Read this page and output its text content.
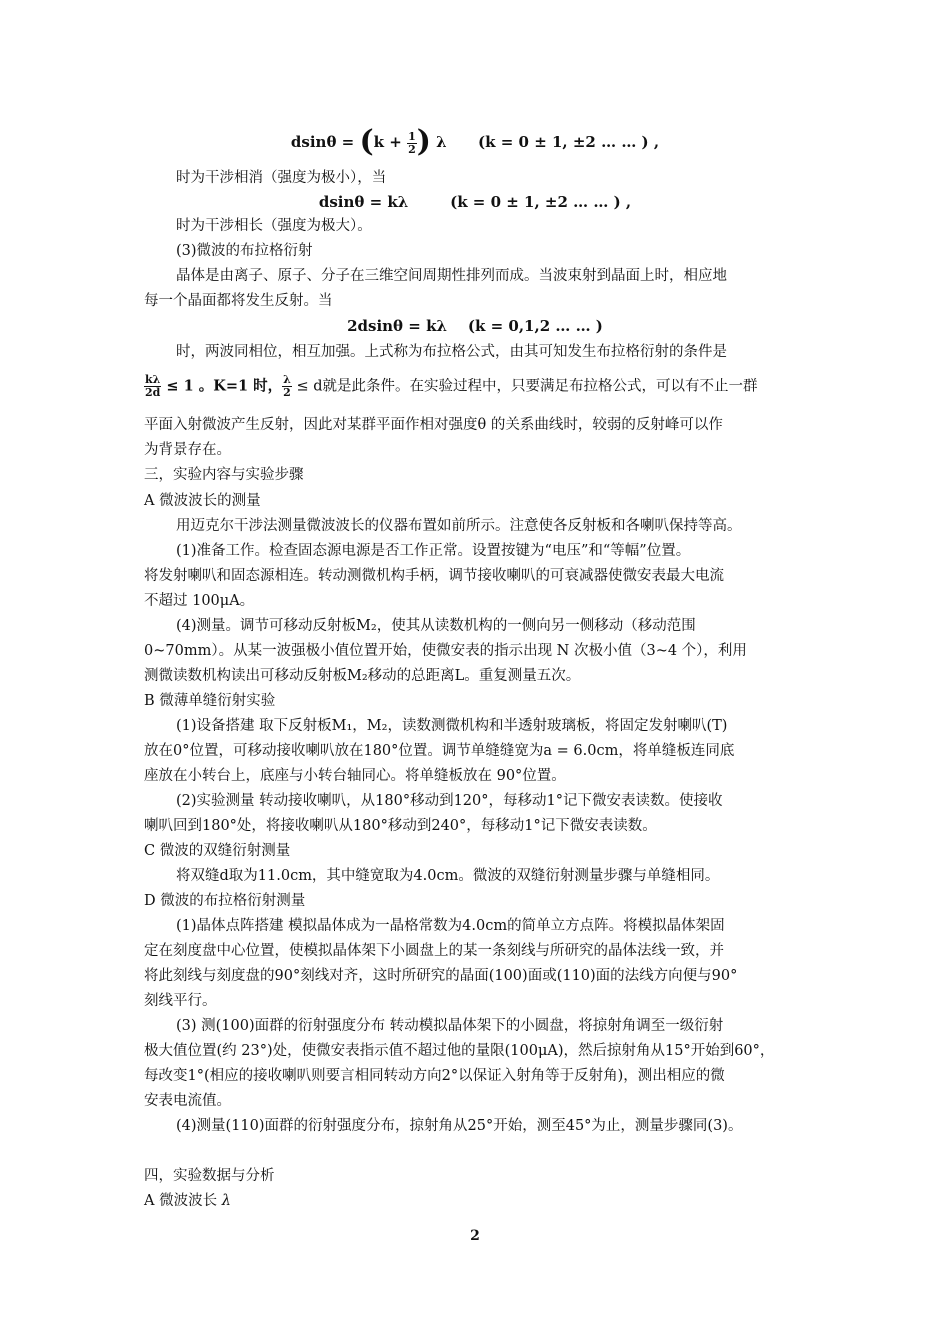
$dsin\theta = (k + \frac{1}{2}$ ) λ (k = 0 ± 1, ±2 … … ) ,
时为干涉相消（强度为极小），当
dsinθ = kλ	(k = 0 ± 1, ±2 … … ) ,
时为干涉相长（强度为极大）。
(3)微波的布拉格衍射
晶体是由离子、原子、分子在三维空间周期性排列而成。当波束射到晶面上时，相应地
每一个晶面都将发生反射。当
2dsinθ = kλ (k = 0,1,2 … … )
时，两波同相位，相互加强。上式称为布拉格公式，由其可知发生布拉格衍射的条件是
$\frac{k\lambda}{2d} \le 1$ 。K=1 时， $\frac{\lambda}{2} \le d$就是此条件。在实验过程中，只要满足布拉格公式，可以有不止一群
平面入射微波产生反射，因此对某群平面作相对强度θ 的关系曲线时，较弱的反射峰可以作
为背景存在。
三，实验内容与实验步骤
A 微波波长的测量
用迈克尔干涉法测量微波波长的仪器布置如前所示。注意使各反射板和各喇叭保持等高。
(1)准备工作。检查固态源电源是否工作正常。设置按键为“电压”和“等幅”位置。
将发射喇叭和固态源相连。转动测微机构手柄，调节接收喇叭的可衰减器使微安表最大电流
不超过 100μA。
(4)测量。调节可移动反射板M₂，使其从读数机构的一侧向另一侧移动（移动范围
0~70mm）。从某一波强极小值位置开始，使微安表的指示出现 N 次极小值（3~4 个），利用
测微读数机构读出可移动反射板M₂移动的总距离L。重复测量五次。
B 微薄单缝衍射实验
(1)设备搭建 取下反射板M₁，M₂，读数测微机构和半透射玻璃板，将固定发射喇叭(T)
放在0°位置，可移动接收喇叭放在180°位置。调节单缝缝宽为a = 6.0cm，将单缝板连同底
座放在小转台上，底座与小转台轴同心。将单缝板放在 90°位置。
(2)实验测量 转动接收喇叭，从180°移动到120°，每移动1°记下微安表读数。使接收
喇叭回到180°处，将接收喇叭从180°移动到240°，每移动1°记下微安表读数。
C 微波的双缝衍射测量
将双缝d取为11.0cm，其中缝宽取为4.0cm。微波的双缝衍射测量步骤与单缝相同。
D 微波的布拉格衍射测量
(1)晶体点阵搭建 模拟晶体成为一晶格常数为4.0cm的简单立方点阵。将模拟晶体架固
定在刻度盘中心位置，使模拟晶体架下小圆盘上的某一条刻线与所研究的晶体法线一致，并
将此刻线与刻度盘的90°刻线对齐，这时所研究的晶面(100)面或(110)面的法线方向便与90°
刻线平行。
(3) 测(100)面群的衍射强度分布 转动模拟晶体架下的小圆盘，将掠射角调至一级衍射
极大值位置(约 23°)处，使微安表指示值不超过他的量限(100μA)，然后掠射角从15°开始到60°，
每改变1°(相应的接收喇叭则要言相同转动方向2°以保证入射角等于反射角)，测出相应的微
安表电流值。
(4)测量(110)面群的衍射强度分布，掠射角从25°开始，测至45°为止，测量步骤同(3)。
四，实验数据与分析
A 微波波长 λ
2
